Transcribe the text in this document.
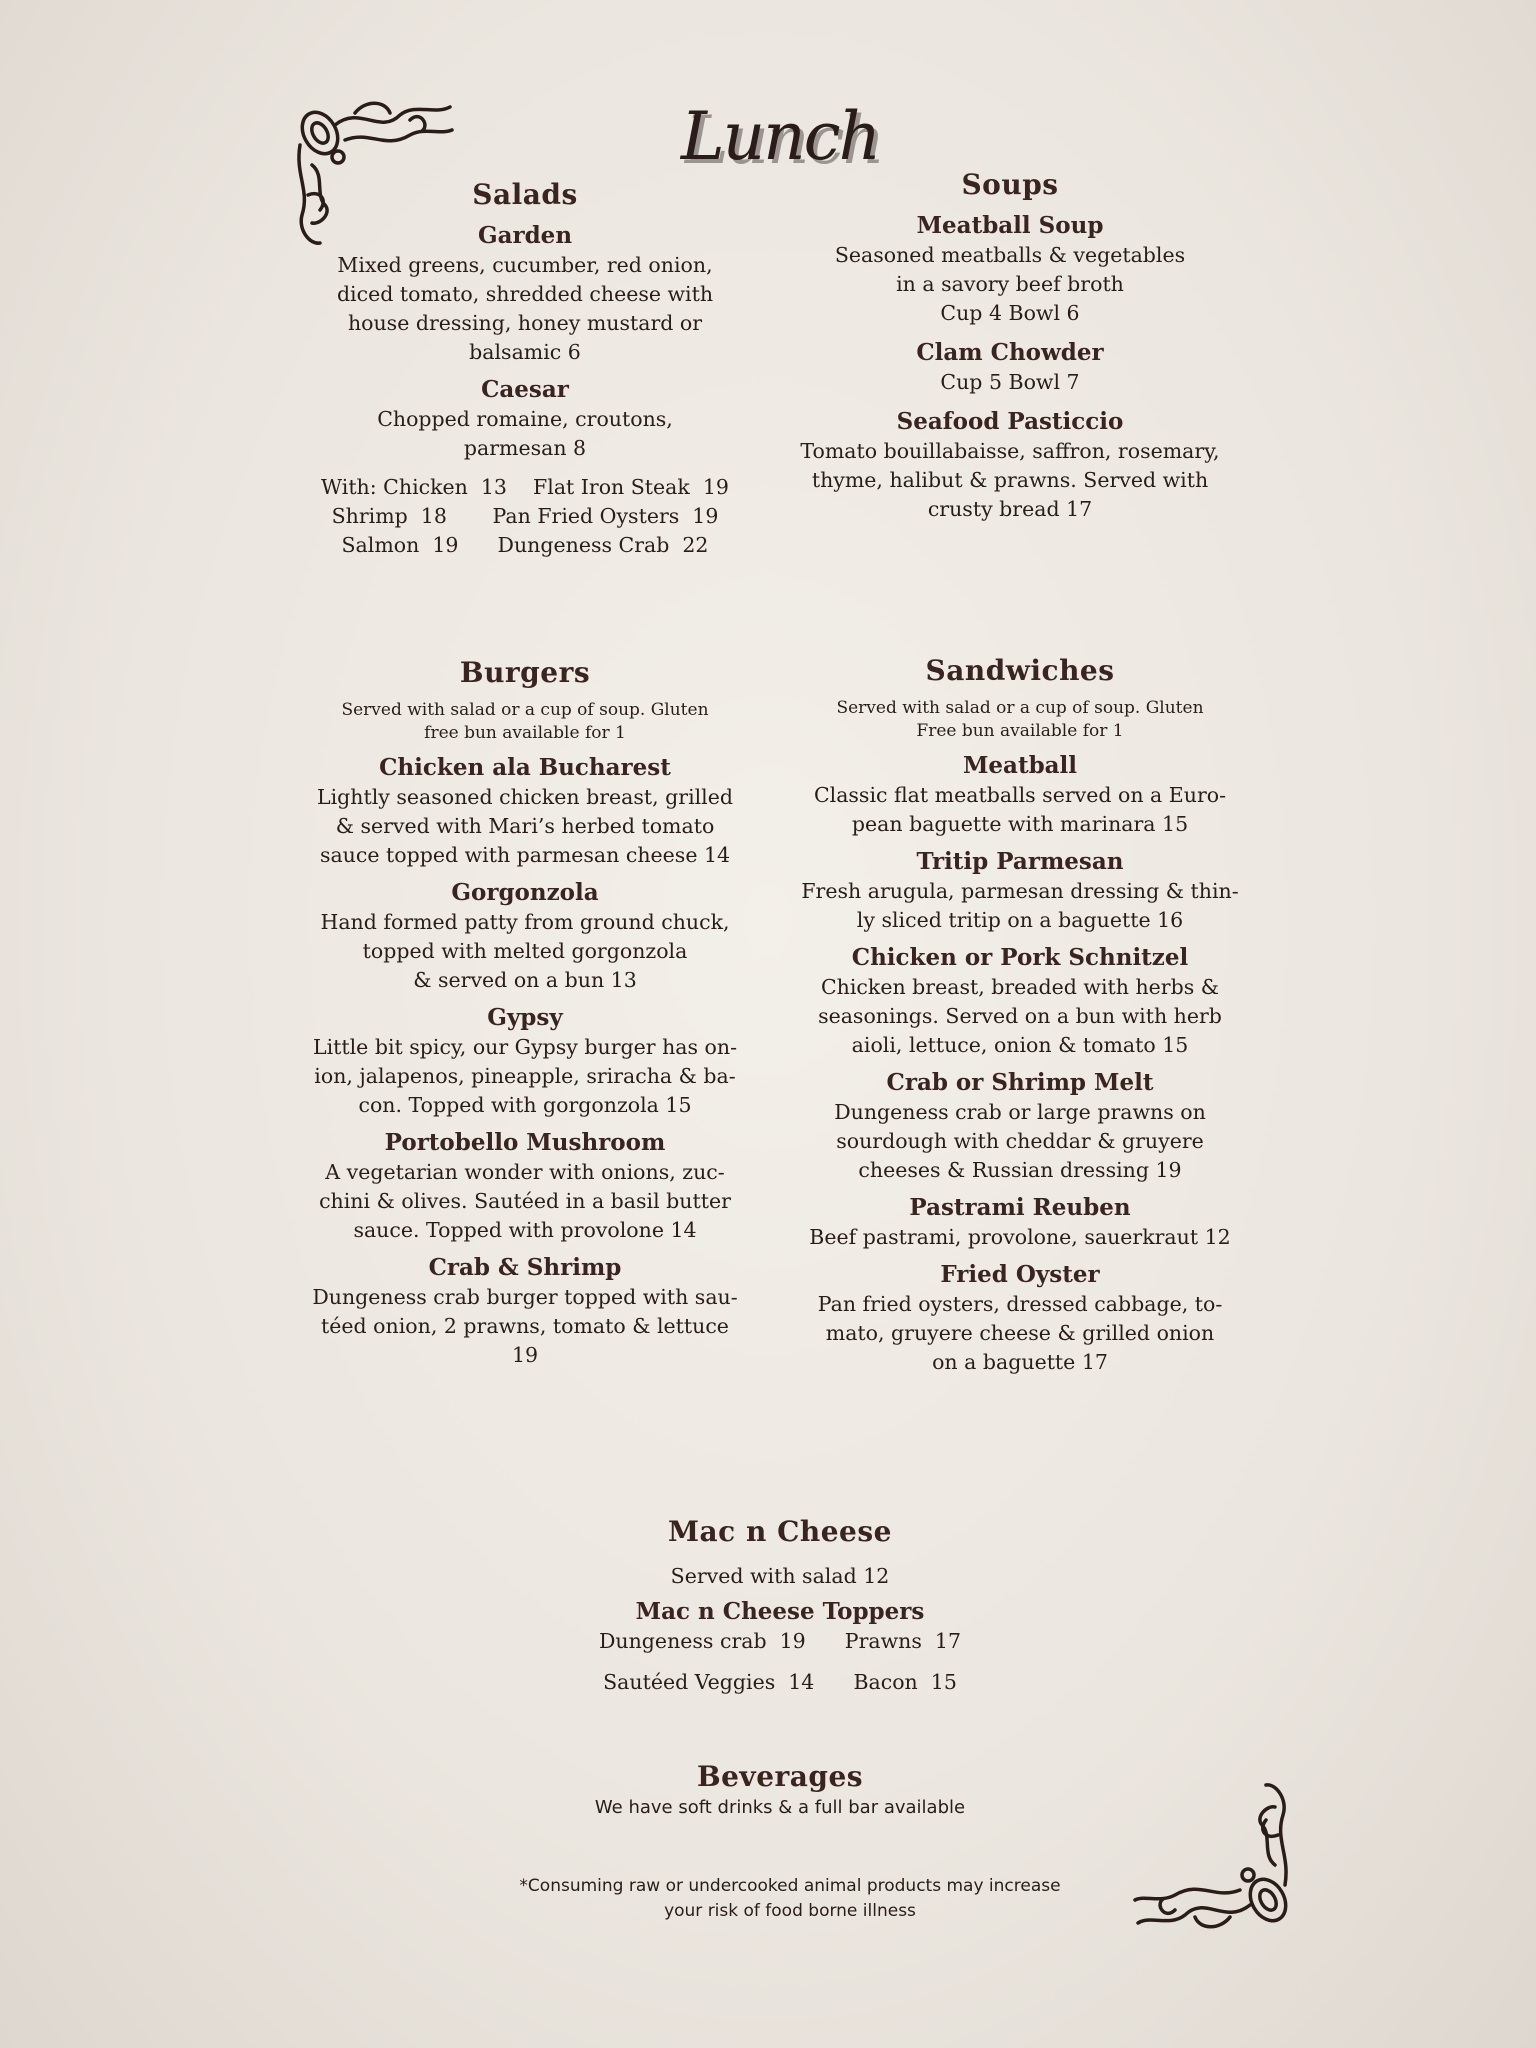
Lunch
Salads
Garden
Mixed greens, cucumber, red onion,
diced tomato, shredded cheese with
house dressing, honey mustard or
balsamic 6
Caesar
Chopped romaine, croutons,
parmesan 8
With: Chicken  13    Flat Iron Steak  19
Shrimp  18       Pan Fried Oysters  19
Salmon  19      Dungeness Crab  22
Soups
Meatball Soup
Seasoned meatballs & vegetables
in a savory beef broth
Cup 4 Bowl 6
Clam Chowder
Cup 5 Bowl 7
Seafood Pasticcio
Tomato bouillabaisse, saffron, rosemary,
thyme, halibut & prawns. Served with
crusty bread 17
Burgers
Served with salad or a cup of soup. Gluten
free bun available for 1
Chicken ala Bucharest
Lightly seasoned chicken breast, grilled
& served with Mari’s herbed tomato
sauce topped with parmesan cheese 14
Gorgonzola
Hand formed patty from ground chuck,
topped with melted gorgonzola
& served on a bun 13
Gypsy
Little bit spicy, our Gypsy burger has on-
ion, jalapenos, pineapple, sriracha & ba-
con. Topped with gorgonzola 15
Portobello Mushroom
A vegetarian wonder with onions, zuc-
chini & olives. Sautéed in a basil butter
sauce. Topped with provolone 14
Crab & Shrimp
Dungeness crab burger topped with sau-
téed onion, 2 prawns, tomato & lettuce
19
Sandwiches
Served with salad or a cup of soup. Gluten
Free bun available for 1
Meatball
Classic flat meatballs served on a Euro-
pean baguette with marinara 15
Tritip Parmesan
Fresh arugula, parmesan dressing & thin-
ly sliced tritip on a baguette 16
Chicken or Pork Schnitzel
Chicken breast, breaded with herbs &
seasonings. Served on a bun with herb
aioli, lettuce, onion & tomato 15
Crab or Shrimp Melt
Dungeness crab or large prawns on
sourdough with cheddar & gruyere
cheeses & Russian dressing 19
Pastrami Reuben
Beef pastrami, provolone, sauerkraut 12
Fried Oyster
Pan fried oysters, dressed cabbage, to-
mato, gruyere cheese & grilled onion
on a baguette 17
Mac n Cheese
Served with salad 12
Mac n Cheese Toppers
Dungeness crab  19      Prawns  17
Sautéed Veggies  14      Bacon  15
Beverages
We have soft drinks & a full bar available
*Consuming raw or undercooked animal products may increase
your risk of food borne illness
